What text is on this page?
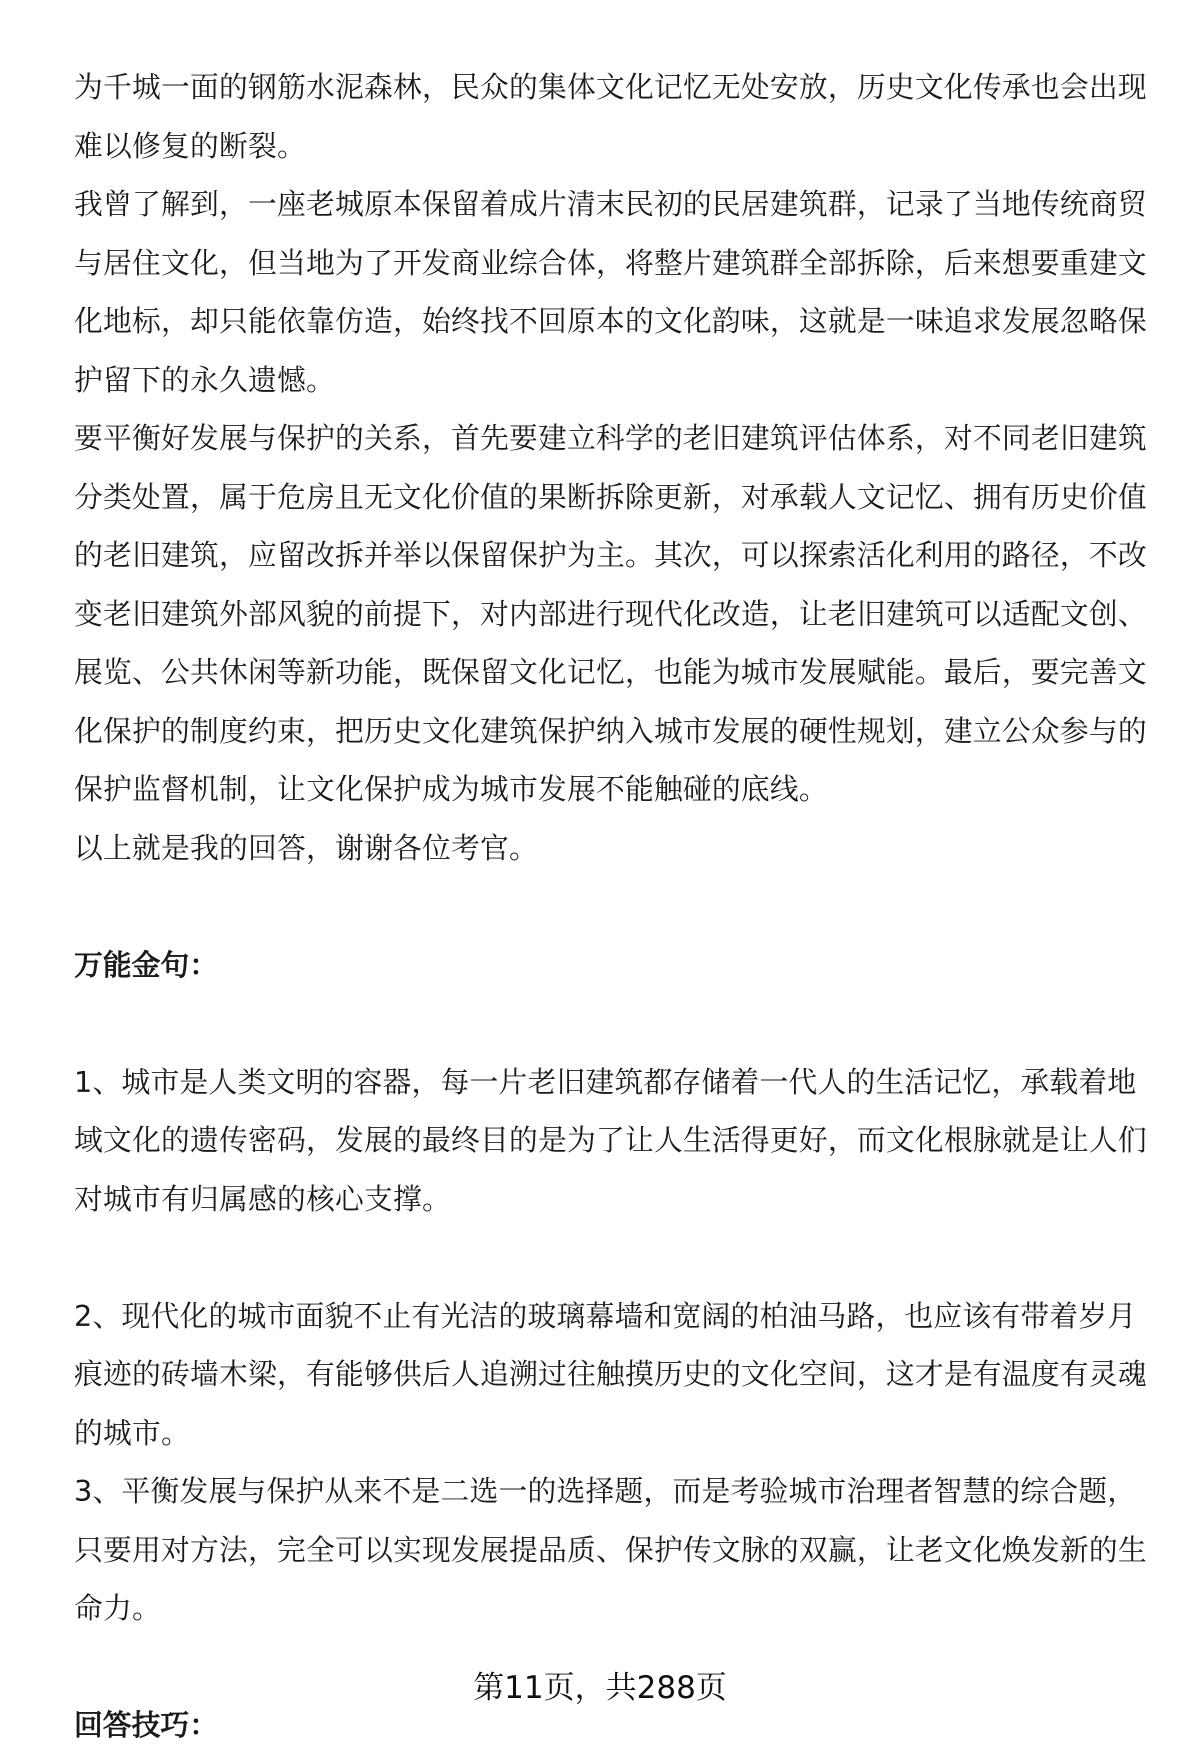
为千城一面的钢筋水泥森林，民众的集体文化记忆无处安放，历史文化传承也会出现难以修复的断裂。

我曾了解到，一座老城原本保留着成片清末民初的民居建筑群，记录了当地传统商贸与居住文化，但当地为了开发商业综合体，将整片建筑群全部拆除，后来想要重建文化地标，却只能依靠仿造，始终找不回原本的文化韵味，这就是一味追求发展忽略保护留下的永久遗憾。

要平衡好发展与保护的关系，首先要建立科学的老旧建筑评估体系，对不同老旧建筑分类处置，属于危房且无文化价值的果断拆除更新，对承载人文记忆、拥有历史价值的老旧建筑，应留改拆并举以保留保护为主。其次，可以探索活化利用的路径，不改变老旧建筑外部风貌的前提下，对内部进行现代化改造，让老旧建筑可以适配文创、展览、公共休闲等新功能，既保留文化记忆，也能为城市发展赋能。最后，要完善文化保护的制度约束，把历史文化建筑保护纳入城市发展的硬性规划，建立公众参与的保护监督机制，让文化保护成为城市发展不能触碰的底线。

以上就是我的回答，谢谢各位考官。

万能金句：

1、城市是人类文明的容器，每一片老旧建筑都存储着一代人的生活记忆，承载着地域文化的遗传密码，发展的最终目的是为了让人生活得更好，而文化根脉就是让人们对城市有归属感的核心支撑。

2、现代化的城市面貌不止有光洁的玻璃幕墙和宽阔的柏油马路，也应该有带着岁月痕迹的砖墙木梁，有能够供后人追溯过往触摸历史的文化空间，这才是有温度有灵魂的城市。

3、平衡发展与保护从来不是二选一的选择题，而是考验城市治理者智慧的综合题，只要用对方法，完全可以实现发展提品质、保护传文脉的双赢，让老文化焕发新的生命力。

回答技巧：

第11页，共288页
